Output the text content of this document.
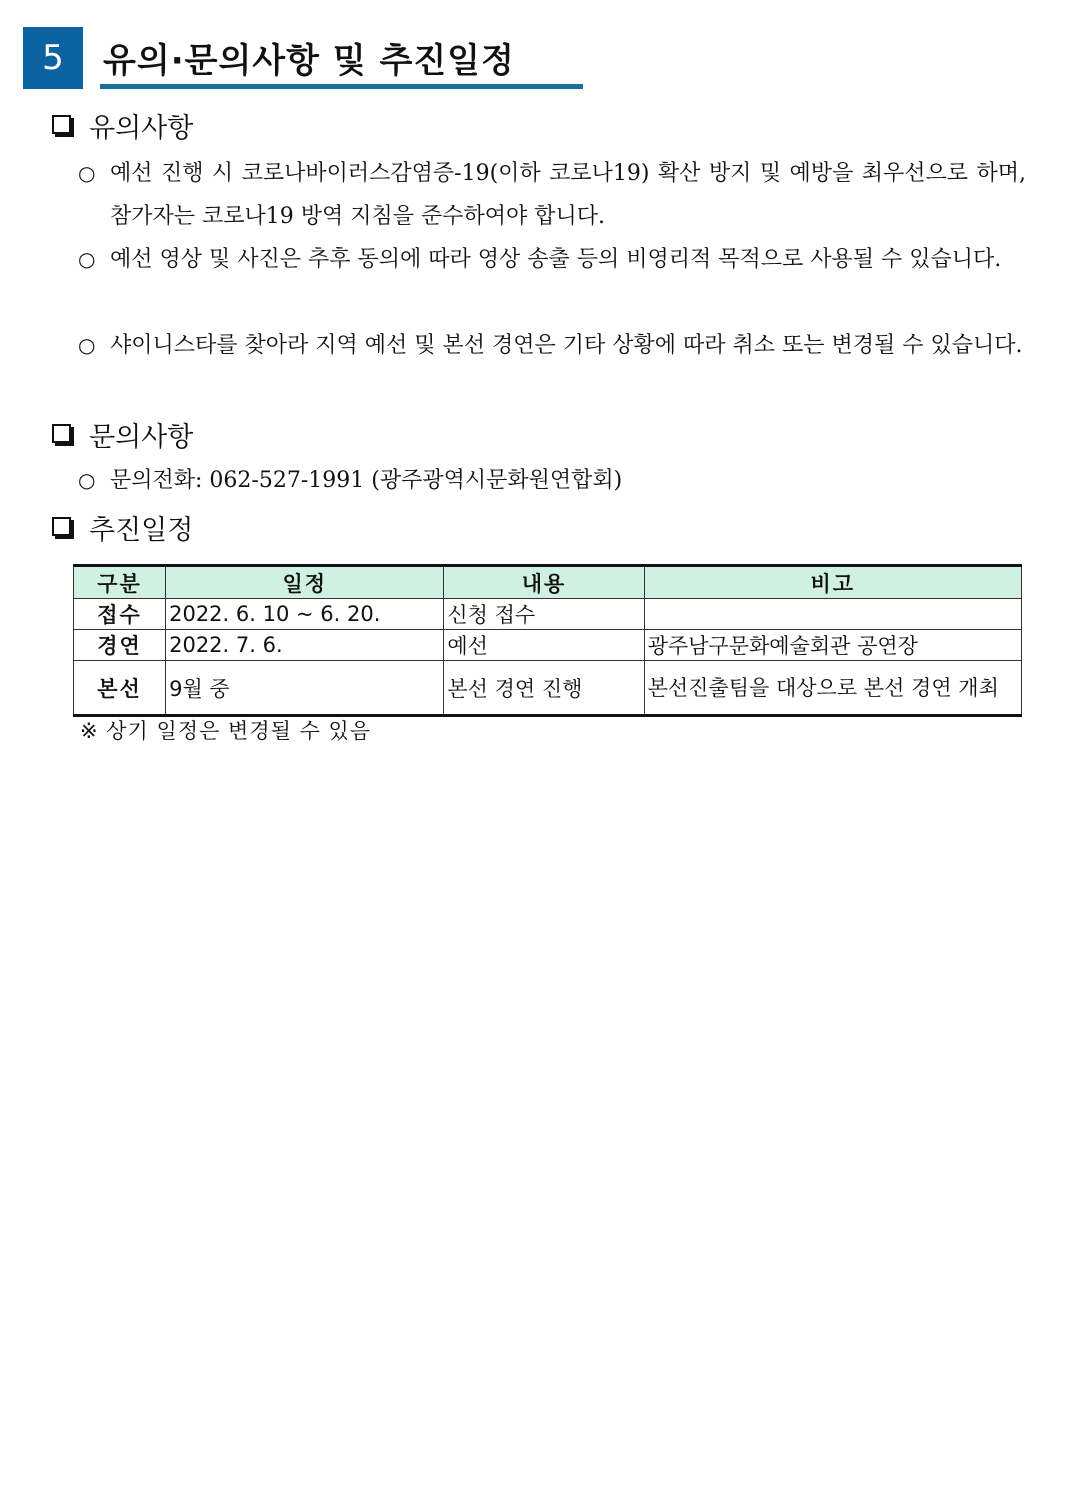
5	유의·문의사항 및 추진일정
유의사항
○ 예선 진행 시 코로나바이러스감염증-19(이하 코로나19) 확산 방지 및 예방을 최우선으로 하며, 참가자는 코로나19 방역 지침을 준수하여야 합니다.
○ 예선 영상 및 사진은 추후 동의에 따라 영상 송출 등의 비영리적 목적으로 사용될 수 있습니다.
○ 샤이니스타를 찾아라 지역 예선 및 본선 경연은 기타 상황에 따라 취소 또는 변경될 수 있습니다.
문의사항
○ 문의전화: 062-527-1991 (광주광역시문화원연합회)
추진일정
구분	일정	내용	비고
접수	2022. 6. 10 ~ 6. 20.	신청 접수	
경연	2022. 7. 6.	예선	광주남구문화예술회관 공연장
본선	9월 중	본선 경연 진행	본선진출팀을 대상으로 본선 경연 개최
※ 상기 일정은 변경될 수 있음
